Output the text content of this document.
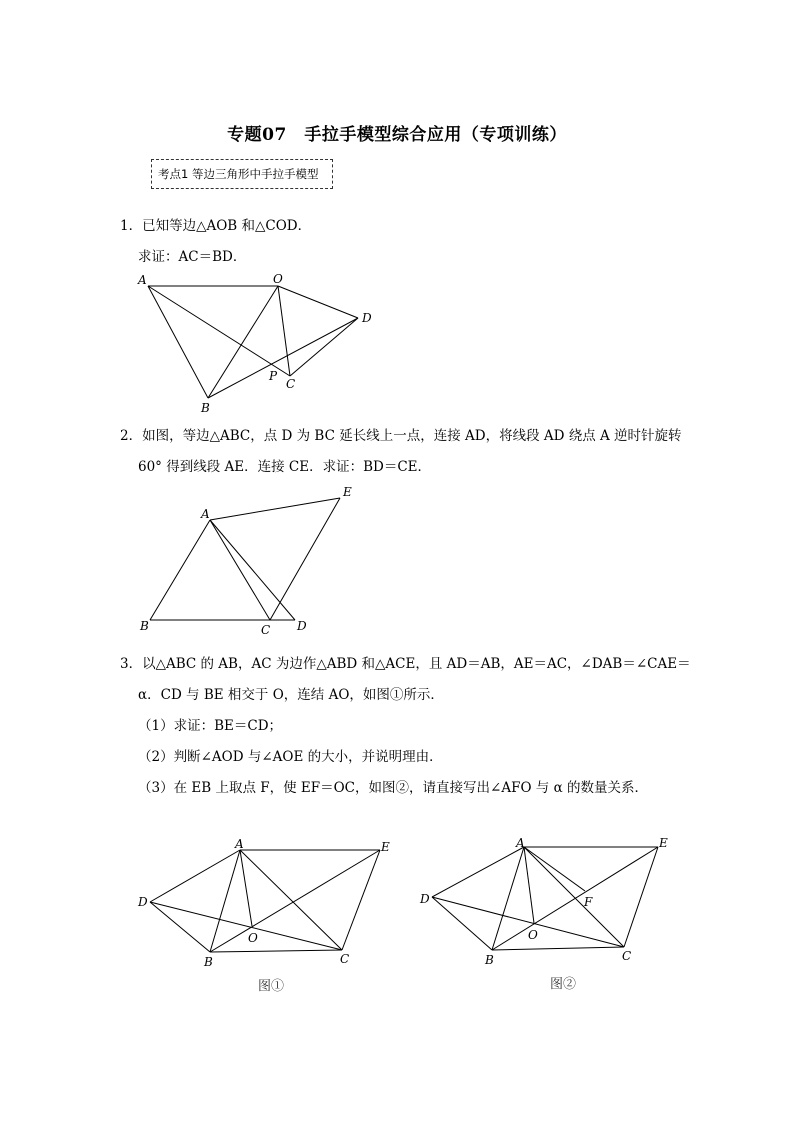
专题07　手拉手模型综合应用（专项训练）
考点1 等边三角形中手拉手模型
1．已知等边△AOB 和△COD．
求证：AC＝BD．
A	O
D
P
C
B
2．如图，等边△ABC，点 D 为 BC 延长线上一点，连接 AD，将线段 AD 绕点 A 逆时针旋转
60° 得到线段 AE．连接 CE．求证：BD＝CE．
E
A
B	C D
3．以△ABC 的 AB，AC 为边作△ABD 和△ACE，且 AD＝AB，AE＝AC，∠DAB＝∠CAE＝
α．CD 与 BE 相交于 O，连结 AO，如图①所示．
（1）求证：BE＝CD；
（2）判断∠AOD 与∠AOE 的大小，并说明理由．
（3）在 EB 上取点 F，使 EF＝OC，如图②，请直接写出∠AFO 与 α 的数量关系．
A	E
D
O
B	C
图①
A	E
D	F
O
B	C
图②
